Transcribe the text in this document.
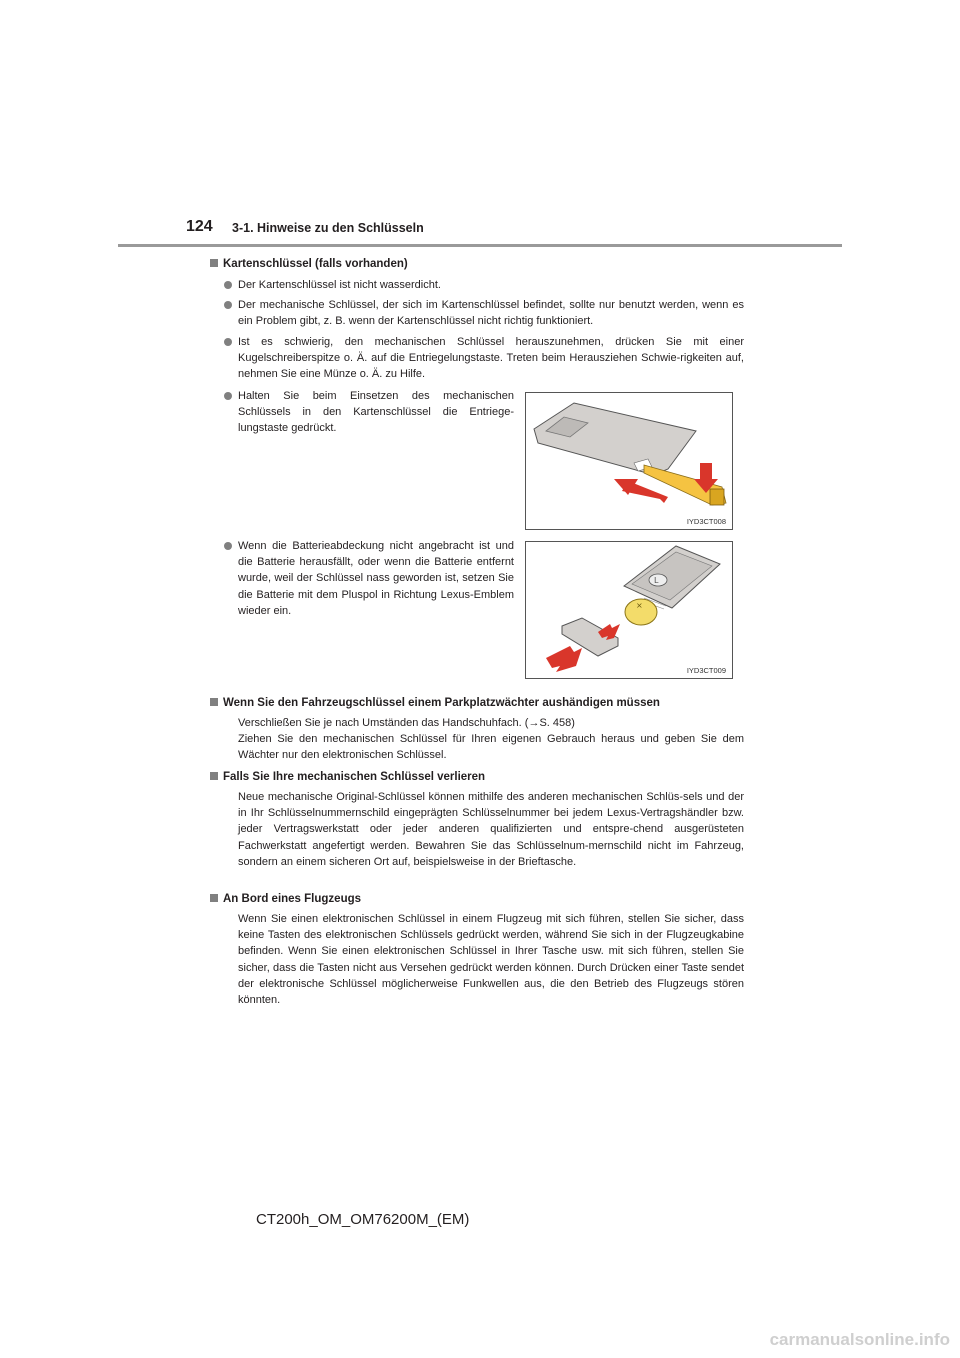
124 3-1. Hinweise zu den Schlüsseln
Kartenschlüssel (falls vorhanden)
Der Kartenschlüssel ist nicht wasserdicht.
Der mechanische Schlüssel, der sich im Kartenschlüssel befindet, sollte nur benutzt werden, wenn es ein Problem gibt, z. B. wenn der Kartenschlüssel nicht richtig funktioniert.
Ist es schwierig, den mechanischen Schlüssel herauszunehmen, drücken Sie mit einer Kugelschreiberspitze o. Ä. auf die Entriegelungstaste. Treten beim Herausziehen Schwie-rigkeiten auf, nehmen Sie eine Münze o. Ä. zu Hilfe.
Halten Sie beim Einsetzen des mechanischen Schlüssels in den Kartenschlüssel die Entriege-lungstaste gedrückt.
Wenn die Batterieabdeckung nicht angebracht ist und die Batterie herausfällt, oder wenn die Batterie entfernt wurde, weil der Schlüssel nass geworden ist, setzen Sie die Batterie mit dem Pluspol in Richtung Lexus-Emblem wieder ein.
IYD3CT008
L
×
IYD3CT009
Wenn Sie den Fahrzeugschlüssel einem Parkplatzwächter aushändigen müssen

Verschließen Sie je nach Umständen das Handschuhfach. (→S. 458)

Ziehen Sie den mechanischen Schlüssel für Ihren eigenen Gebrauch heraus und geben Sie dem Wächter nur den elektronischen Schlüssel.

Falls Sie Ihre mechanischen Schlüssel verlieren

Neue mechanische Original-Schlüssel können mithilfe des anderen mechanischen Schlüs-sels und der in Ihr Schlüsselnummernschild eingeprägten Schlüsselnummer bei jedem Lexus-Vertragshändler bzw. jeder Vertragswerkstatt oder jeder anderen qualifizierten und entspre-chend ausgerüsteten Fachwerkstatt angefertigt werden. Bewahren Sie das Schlüsselnum-mernschild nicht im Fahrzeug, sondern an einem sicheren Ort auf, beispielsweise in der Brieftasche.

An Bord eines Flugzeugs

Wenn Sie einen elektronischen Schlüssel in einem Flugzeug mit sich führen, stellen Sie sicher, dass keine Tasten des elektronischen Schlüssels gedrückt werden, während Sie sich in der Flugzeugkabine befinden. Wenn Sie einen elektronischen Schlüssel in Ihrer Tasche usw. mit sich führen, stellen Sie sicher, dass die Tasten nicht aus Versehen gedrückt werden können. Durch Drücken einer Taste sendet der elektronische Schlüssel möglicherweise Funkwellen aus, die den Betrieb des Flugzeugs stören könnten.

CT200h_OM_OM76200M_(EM)
carmanualsonline.info
